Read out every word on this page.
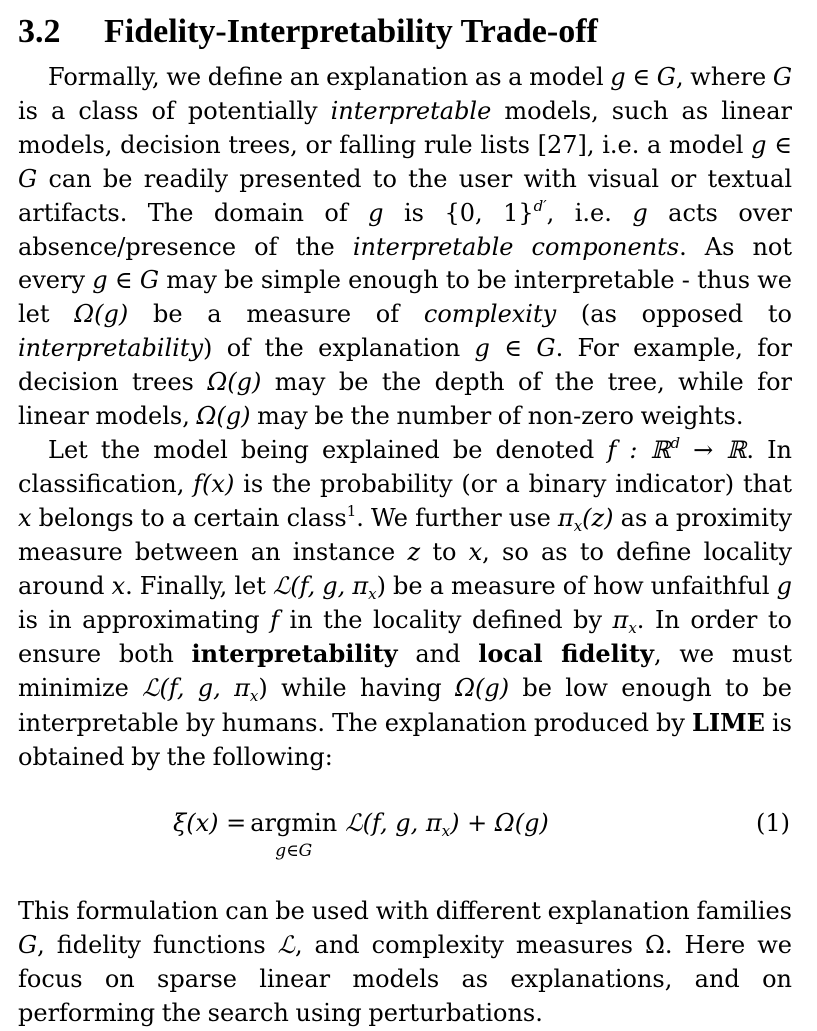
3.2 Fidelity-Interpretability Trade-off

Formally, we define an explanation as a model g ∈ G, where G is a class of potentially interpretable models, such as linear models, decision trees, or falling rule lists [27], i.e. a model g ∈ G can be readily presented to the user with visual or textual artifacts. The domain of g is {0, 1}$^{d'}$, i.e. g acts over absence/presence of the interpretable components. As not every g ∈ G may be simple enough to be interpretable - thus we let Ω(g) be a measure of complexity (as opposed to interpretability) of the explanation g ∈ G. For example, for decision trees Ω(g) may be the depth of the tree, while for linear models, Ω(g) may be the number of non-zero weights.

Let the model being explained be denoted f : ℝ$^d$ → ℝ. In classification, f(x) is the probability (or a binary indicator) that x belongs to a certain class$^1$. We further use $\pi_x(z)$ as a proximity measure between an instance z to x, so as to define locality around x. Finally, let ℒ(f, g, $\pi_x$) be a measure of how unfaithful g is in approximating f in the locality defined by $\pi_x$. In order to ensure both interpretability and local fidelity, we must minimize ℒ(f, g, $\pi_x$) while having Ω(g) be low enough to be interpretable by humans. The explanation produced by LIME is obtained by the following:

ξ(x) = argmin
g∈G
ℒ(f, g, $\pi_x) + \Omega(g)$	(1)

This formulation can be used with different explanation families G, fidelity functions ℒ, and complexity measures Ω. Here we focus on sparse linear models as explanations, and on performing the search using perturbations.
